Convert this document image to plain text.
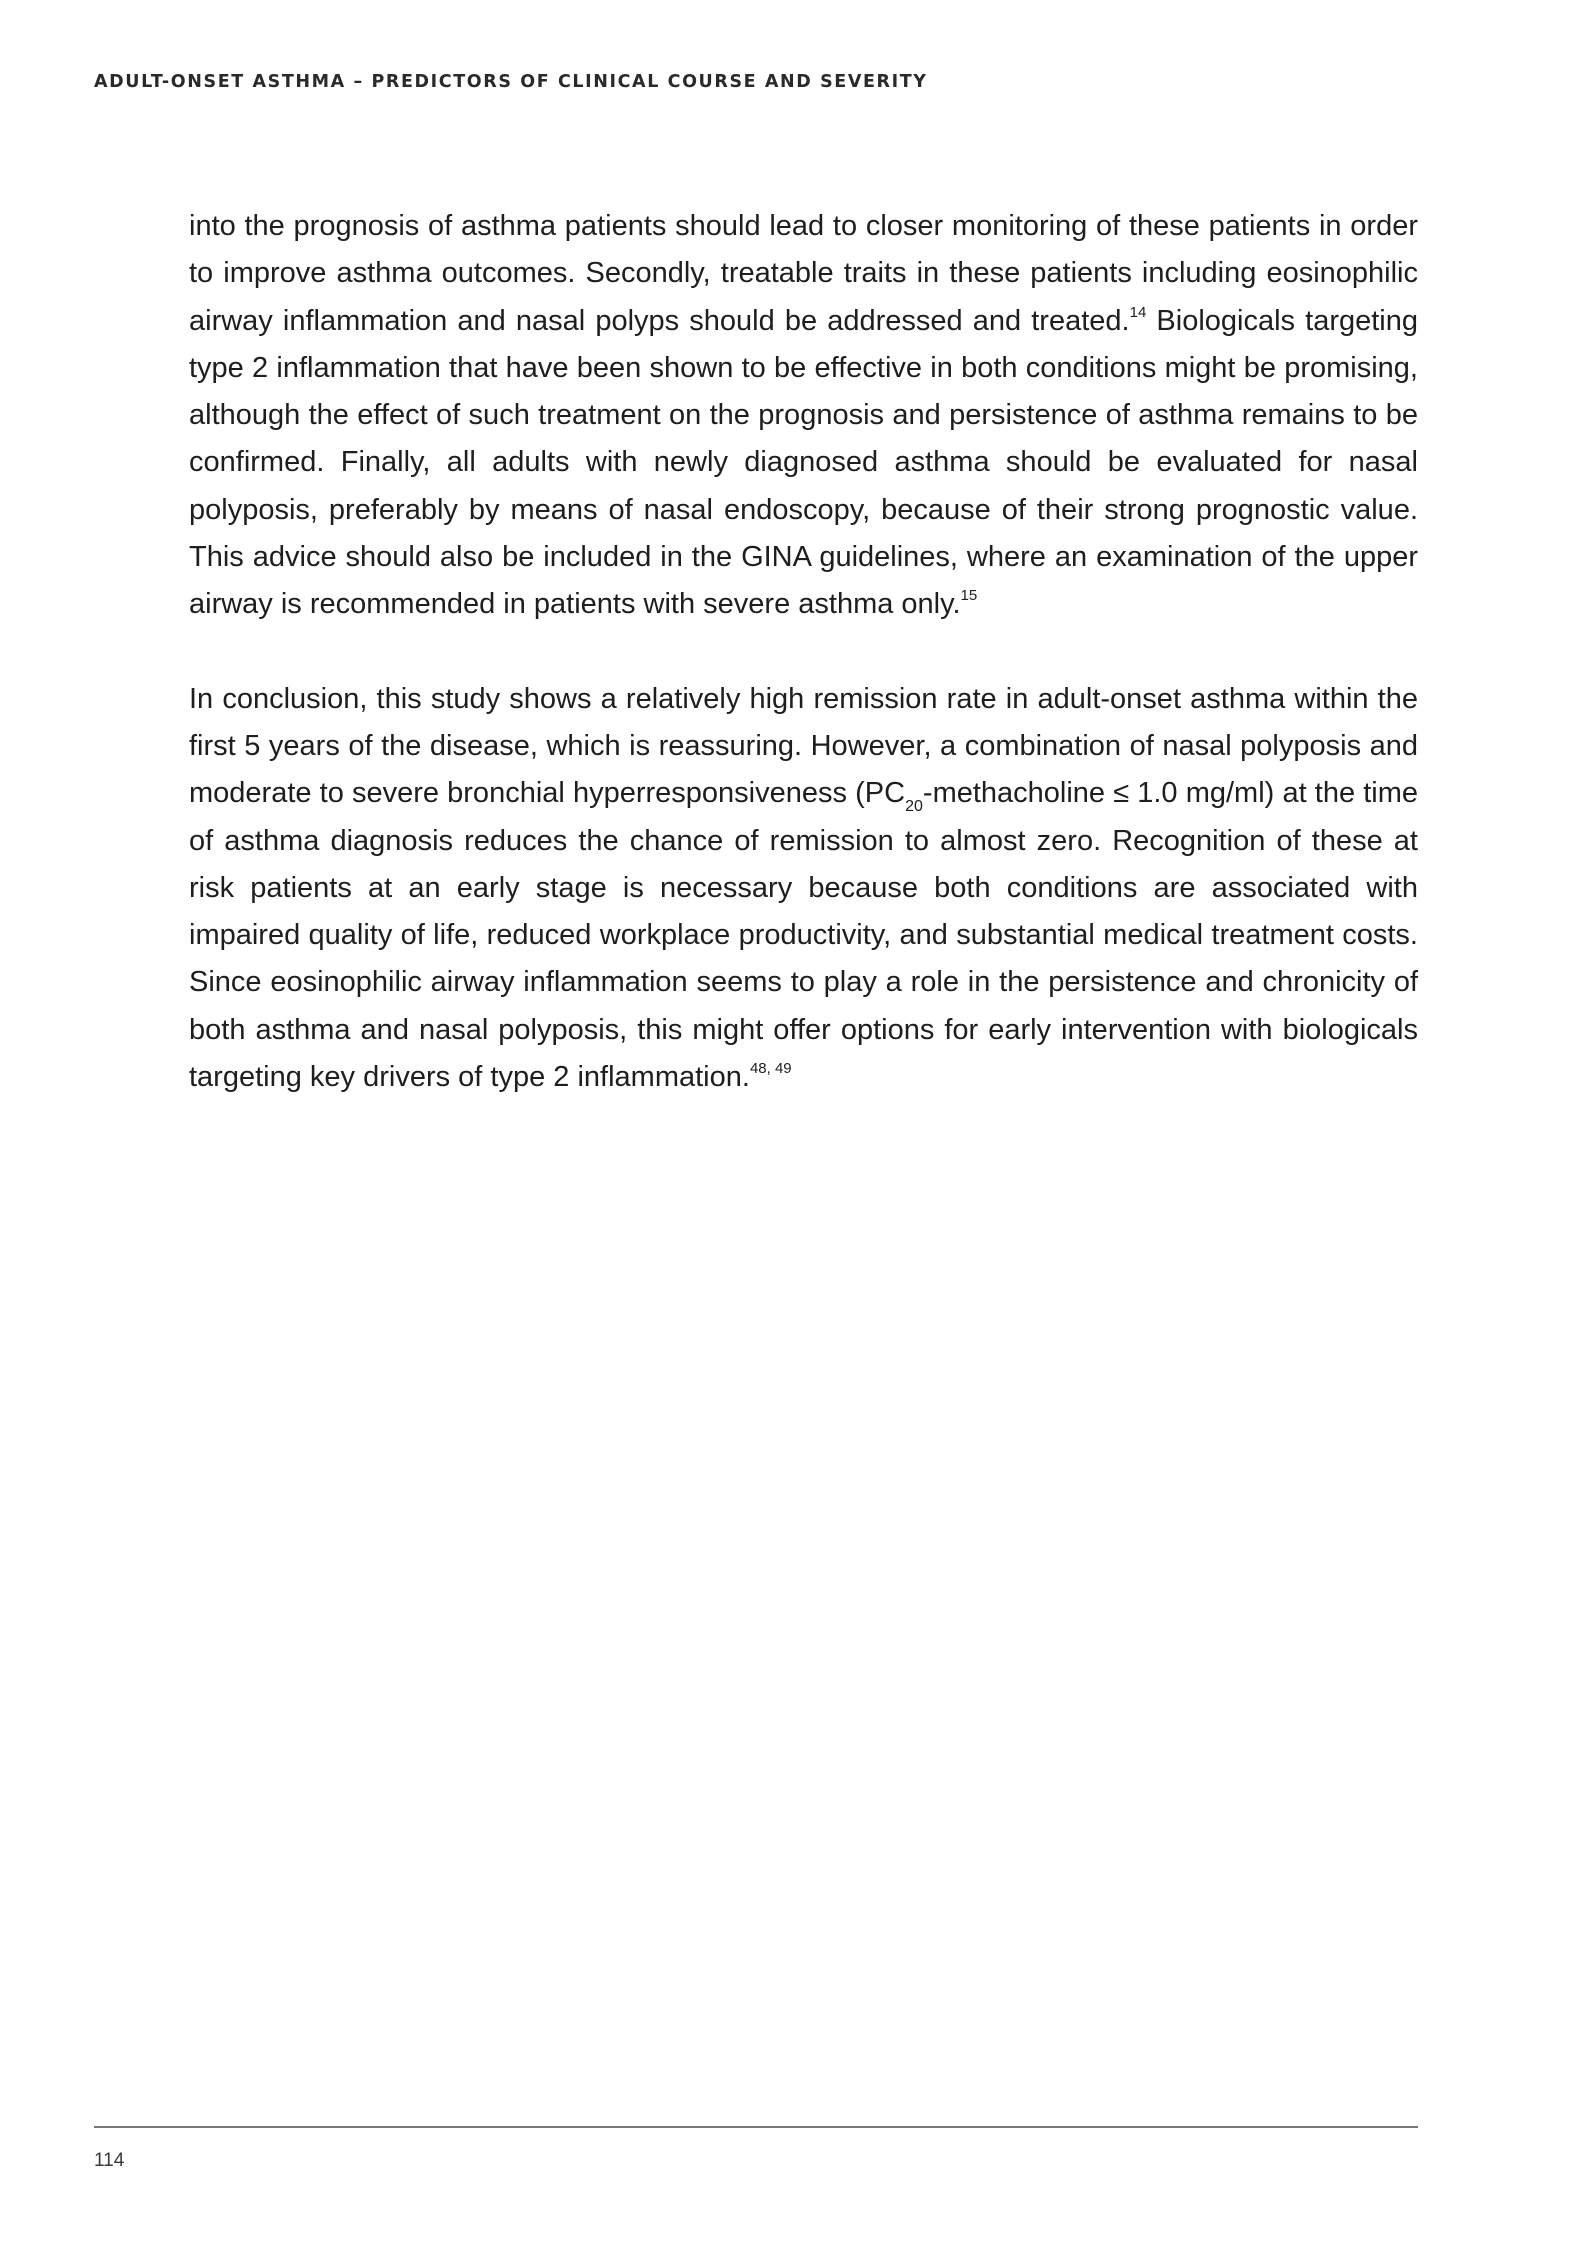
ADULT-ONSET ASTHMA – PREDICTORS OF CLINICAL COURSE AND SEVERITY

into the prognosis of asthma patients should lead to closer monitoring of these patients in order to improve asthma outcomes. Secondly, treatable traits in these patients including eosinophilic airway inflammation and nasal polyps should be addressed and treated.$^{14}$ Biologicals targeting type 2 inflammation that have been shown to be effective in both conditions might be promising, although the effect of such treatment on the prognosis and persistence of asthma remains to be confirmed. Finally, all adults with newly diagnosed asthma should be evaluated for nasal polyposis, preferably by means of nasal endoscopy, because of their strong prognostic value. This advice should also be included in the GINA guidelines, where an examination of the upper airway is recommended in patients with severe asthma only.$^{15}$

In conclusion, this study shows a relatively high remission rate in adult-onset asthma within the first 5 years of the disease, which is reassuring. However, a combination of nasal polyposis and moderate to severe bronchial hyperresponsiveness ($PC_{20}$-methacholine ≤ 1.0 mg/ml) at the time of asthma diagnosis reduces the chance of remission to almost zero. Recognition of these at risk patients at an early stage is necessary because both conditions are associated with impaired quality of life, reduced workplace productivity, and substantial medical treatment costs. Since eosinophilic airway inflammation seems to play a role in the persistence and chronicity of both asthma and nasal polyposis, this might offer options for early intervention with biologicals targeting key drivers of type 2 inflammation.$^{48, 49}$

114
